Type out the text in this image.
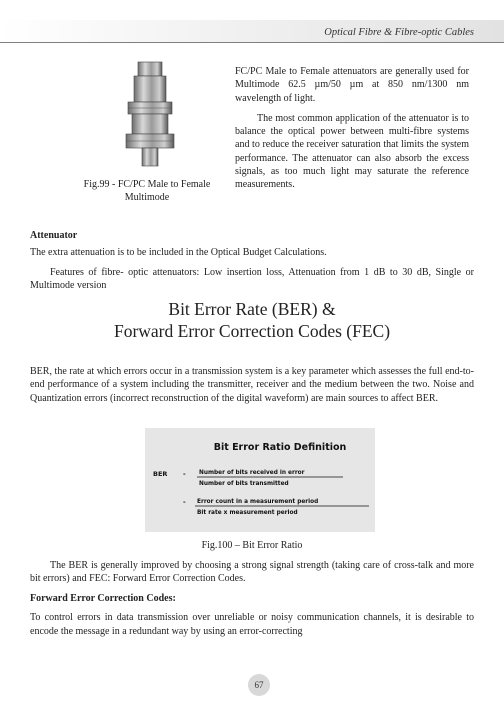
Optical Fibre & Fibre-optic Cables
Fig.99 - FC/PC Male to Female Multimode

FC/PC Male to Female attenuators are generally used for Multimode 62.5 µm/50 µm at 850 nm/1300 nm wavelength of light.

The most common application of the attenuator is to balance the optical power between multi-fibre systems and to reduce the receiver saturation that limits the system performance. The attenuator can also absorb the excess signals, as too much light may saturate the reference measurements.

Attenuator

The extra attenuation is to be included in the Optical Budget Calculations.

Features of fibre- optic attenuators: Low insertion loss, Attenuation from 1 dB to 30 dB, Single or Multimode version

Bit Error Rate (BER) &
Forward Error Correction Codes (FEC)
BER, the rate at which errors occur in a transmission system is a key parameter which assesses the full end-to-end performance of a system including the transmitter, receiver and the medium between the two. Noise and Quantization errors (incorrect reconstruction of the digital waveform) are main sources to affect BER.
Bit Error Ratio Definition
BER - Number of bits received in error
Number of bits transmitted
- Error count in a measurement period
Bit rate x measurement period
Fig.100 – Bit Error Ratio
The BER is generally improved by choosing a strong signal strength (taking care of cross-talk and more bit errors) and FEC: Forward Error Correction Codes.
Forward Error Correction Codes:

To control errors in data transmission over unreliable or noisy communication channels, it is desirable to encode the message in a redundant way by using an error-correcting

67
